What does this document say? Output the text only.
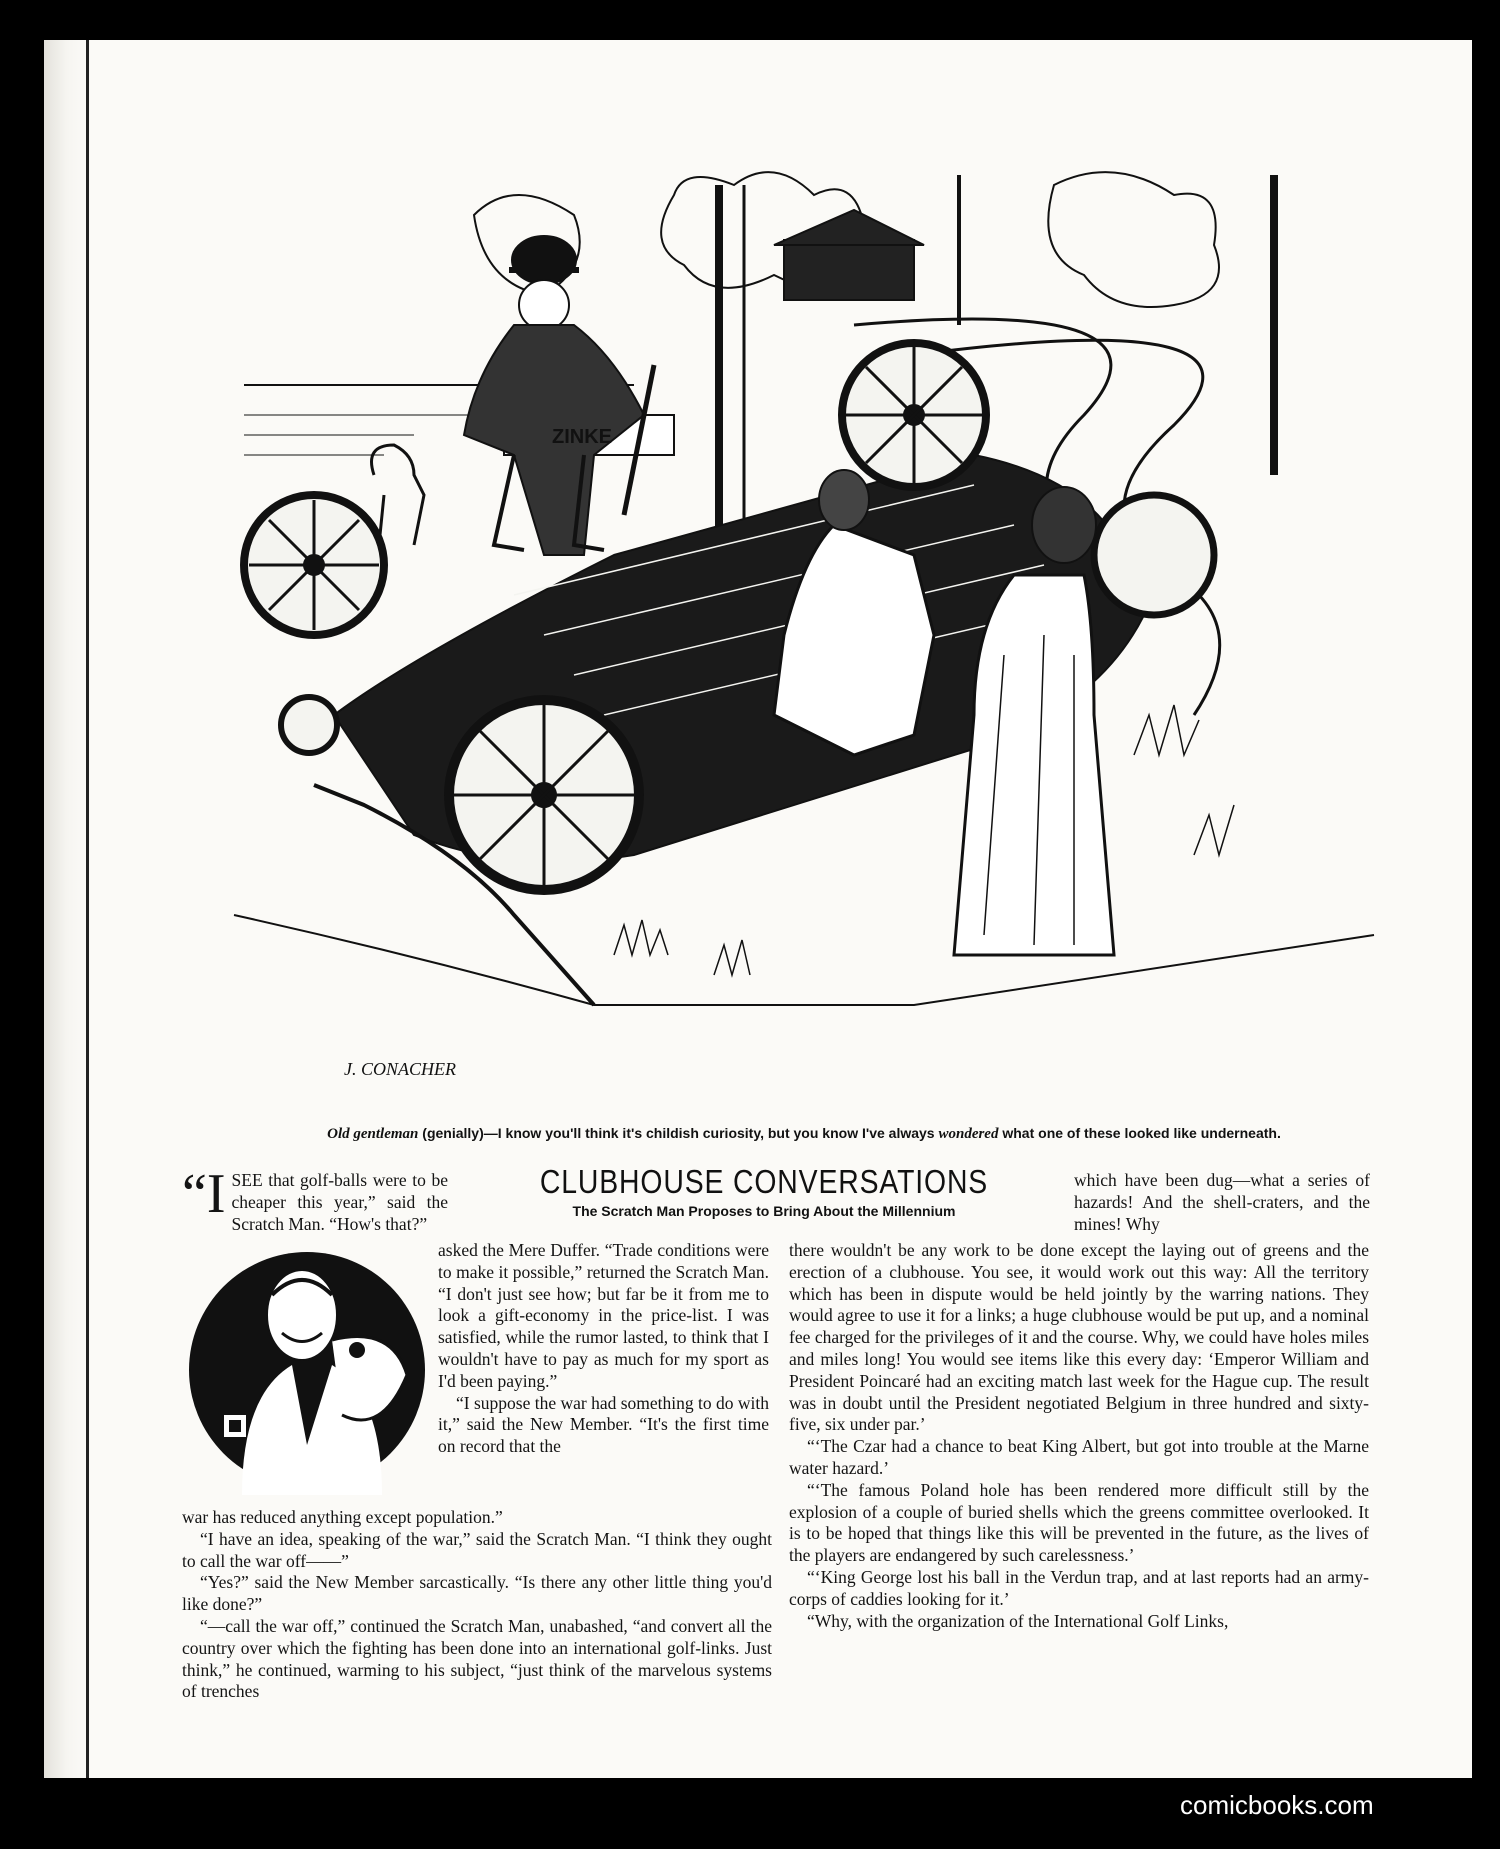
ZINKE
J. CONACHER
Old gentleman (genially)—I know you'll think it's childish curiosity, but you know I've always wondered what one of these looked like underneath.

“I SEE that golf-balls were to be cheaper this year,” said the Scratch Man. “How's that?”

CLUBHOUSE CONVERSATIONS
The Scratch Man Proposes to Bring About the Millennium

asked the Mere Duffer. “Trade conditions were to make it possible,” returned the Scratch Man. “I don't just see how; but far be it from me to look a gift-economy in the price-list. I was satisfied, while the rumor lasted, to think that I wouldn't have to pay as much for my sport as I'd been paying.”

“I suppose the war had something to do with it,” said the New Member. “It's the first time on record that the

war has reduced anything except population.”

“I have an idea, speaking of the war,” said the Scratch Man. “I think they ought to call the war off——”

“Yes?” said the New Member sarcastically. “Is there any other little thing you'd like done?”

“—call the war off,” continued the Scratch Man, unabashed, “and convert all the country over which the fighting has been done into an international golf-links. Just think,” he continued, warming to his subject, “just think of the marvelous systems of trenches

which have been dug—what a series of hazards! And the shell-craters, and the mines! Why

there wouldn't be any work to be done except the laying out of greens and the erection of a clubhouse. You see, it would work out this way: All the territory which has been in dispute would be held jointly by the warring nations. They would agree to use it for a links; a huge clubhouse would be put up, and a nominal fee charged for the privileges of it and the course. Why, we could have holes miles and miles long! You would see items like this every day: ‘Emperor William and President Poincaré had an exciting match last week for the Hague cup. The result was in doubt until the President negotiated Belgium in three hundred and sixty-five, six under par.’

“‘The Czar had a chance to beat King Albert, but got into trouble at the Marne water hazard.’

“‘The famous Poland hole has been rendered more difficult still by the explosion of a couple of buried shells which the greens committee overlooked. It is to be hoped that things like this will be prevented in the future, as the lives of the players are endangered by such carelessness.’

“‘King George lost his ball in the Verdun trap, and at last reports had an army-corps of caddies looking for it.’

“Why, with the organization of the International Golf Links,

comicbooks.com
